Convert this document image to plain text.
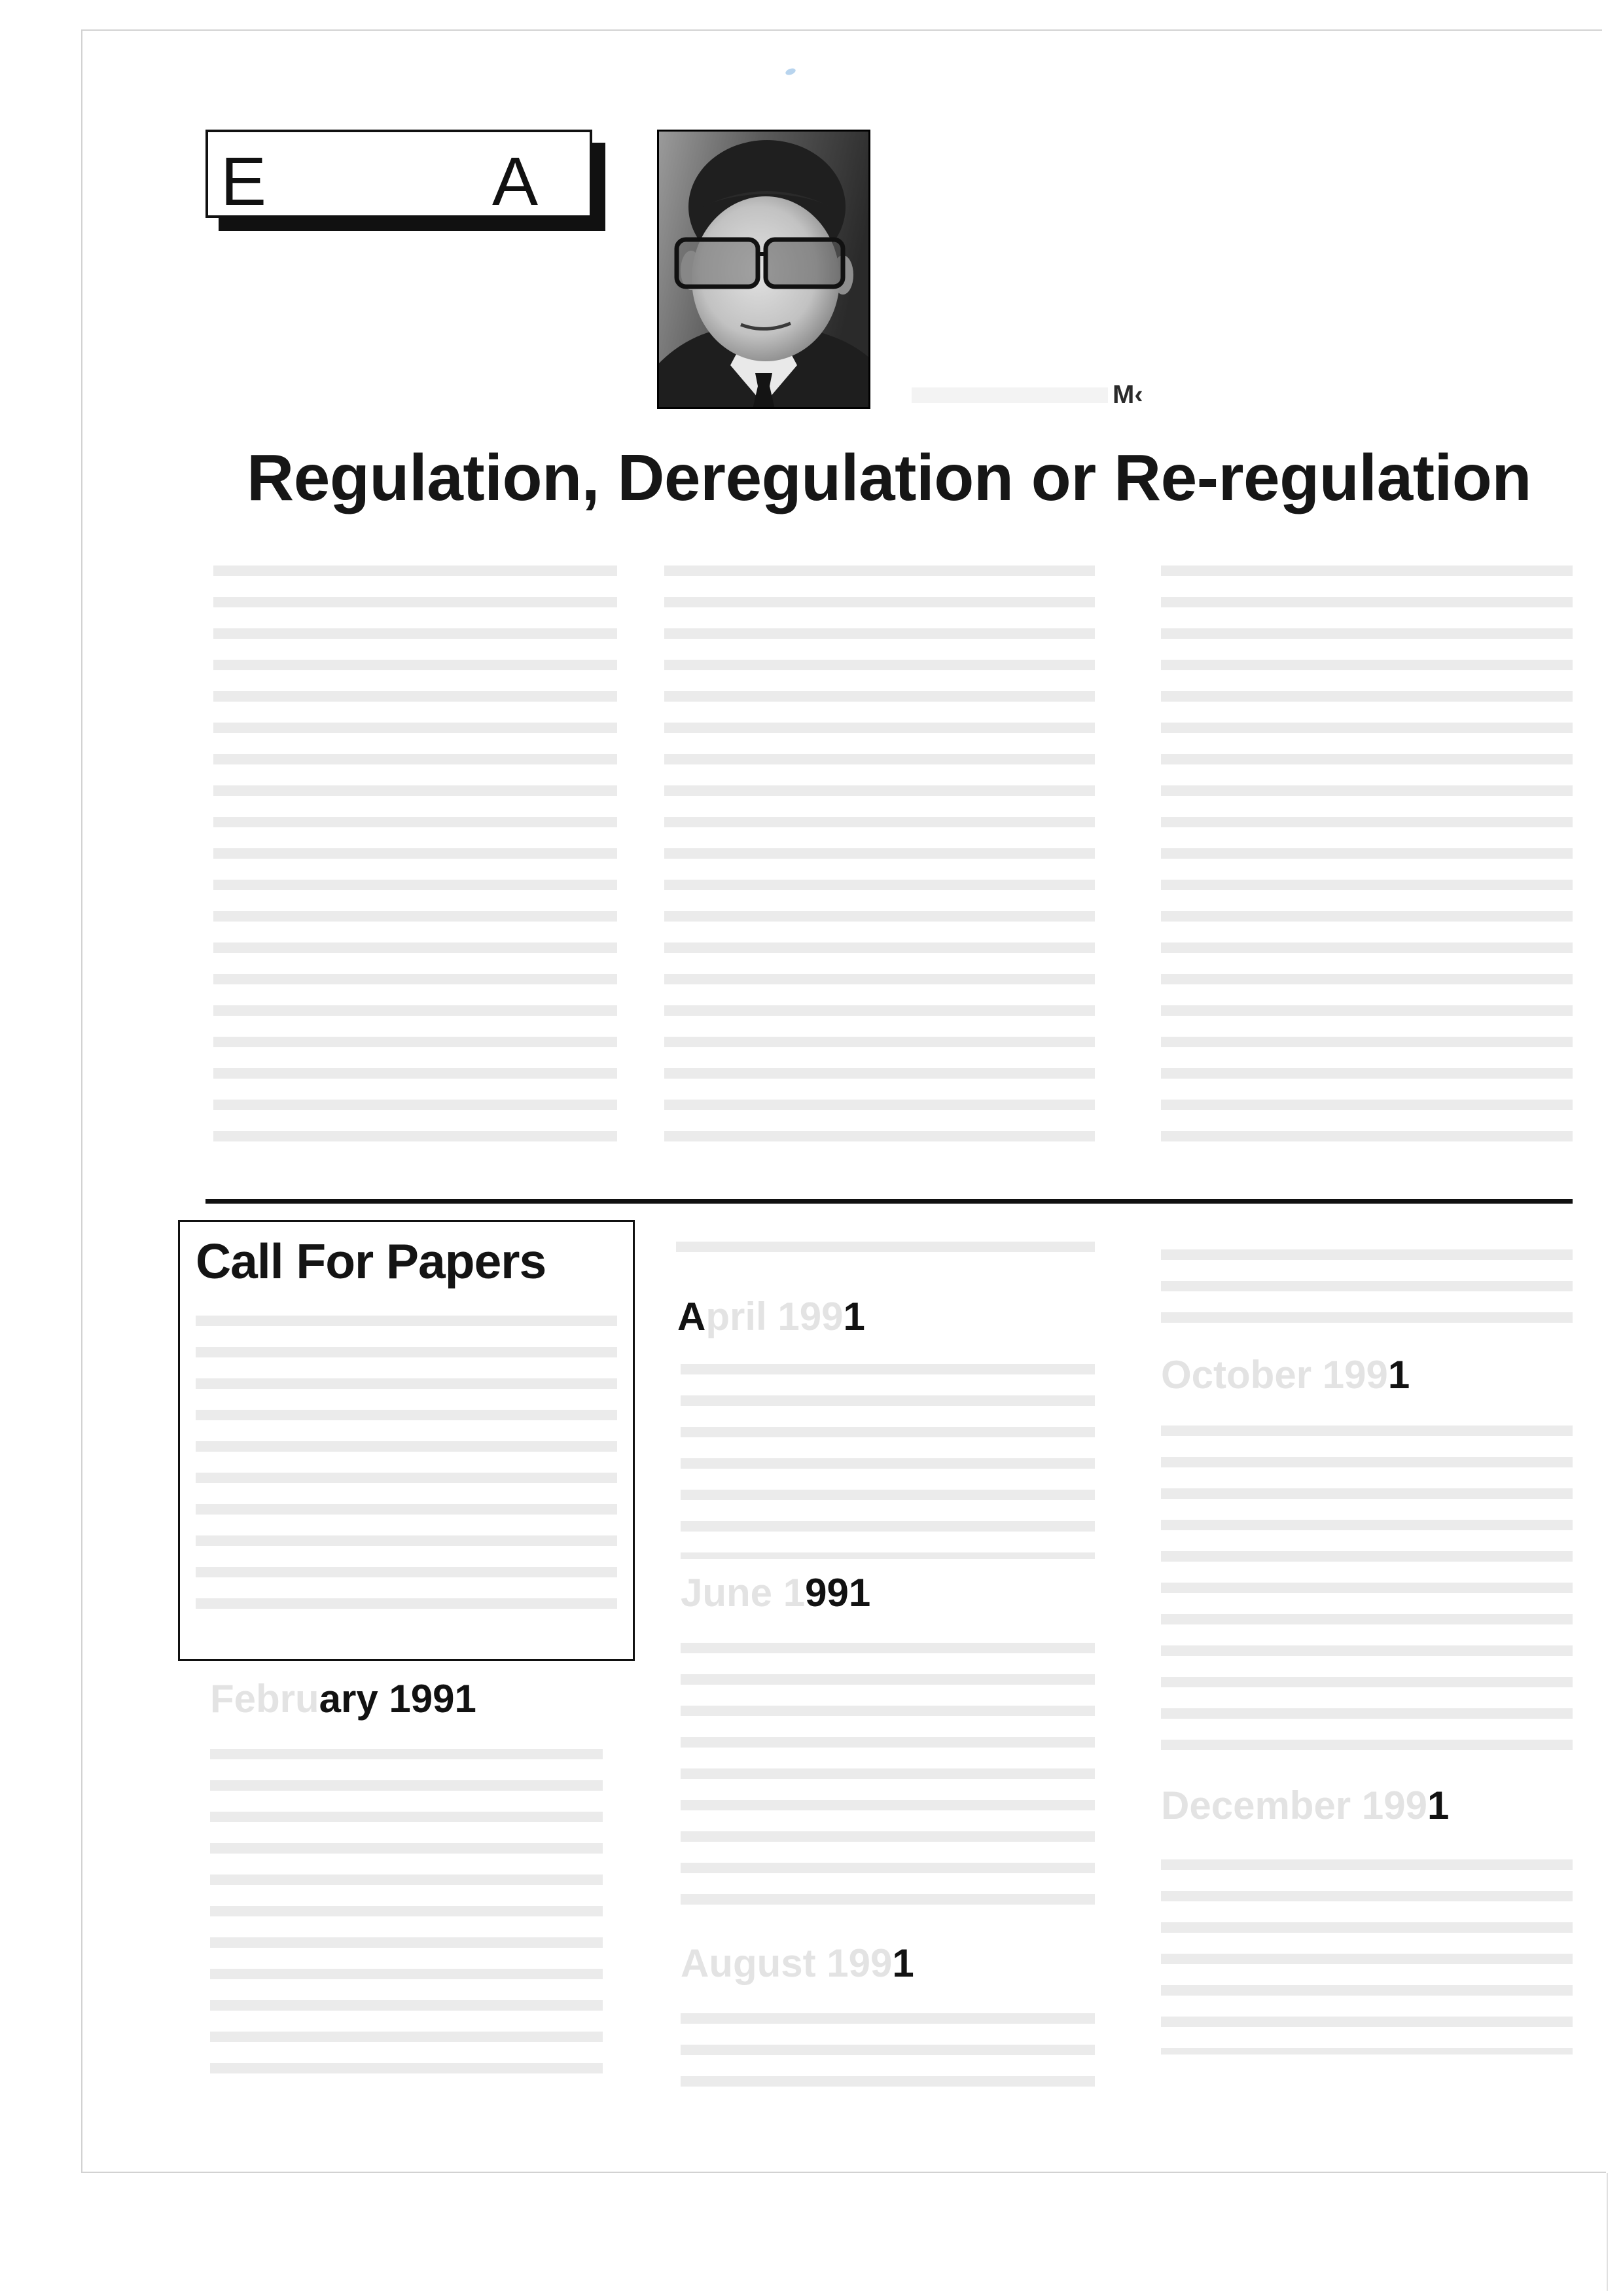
E	A
M‹
Regulation, Deregulation or Re-regulation
Call For Papers
February 1991
April 1991
June 1991
August 1991
October 1991
December 1991
